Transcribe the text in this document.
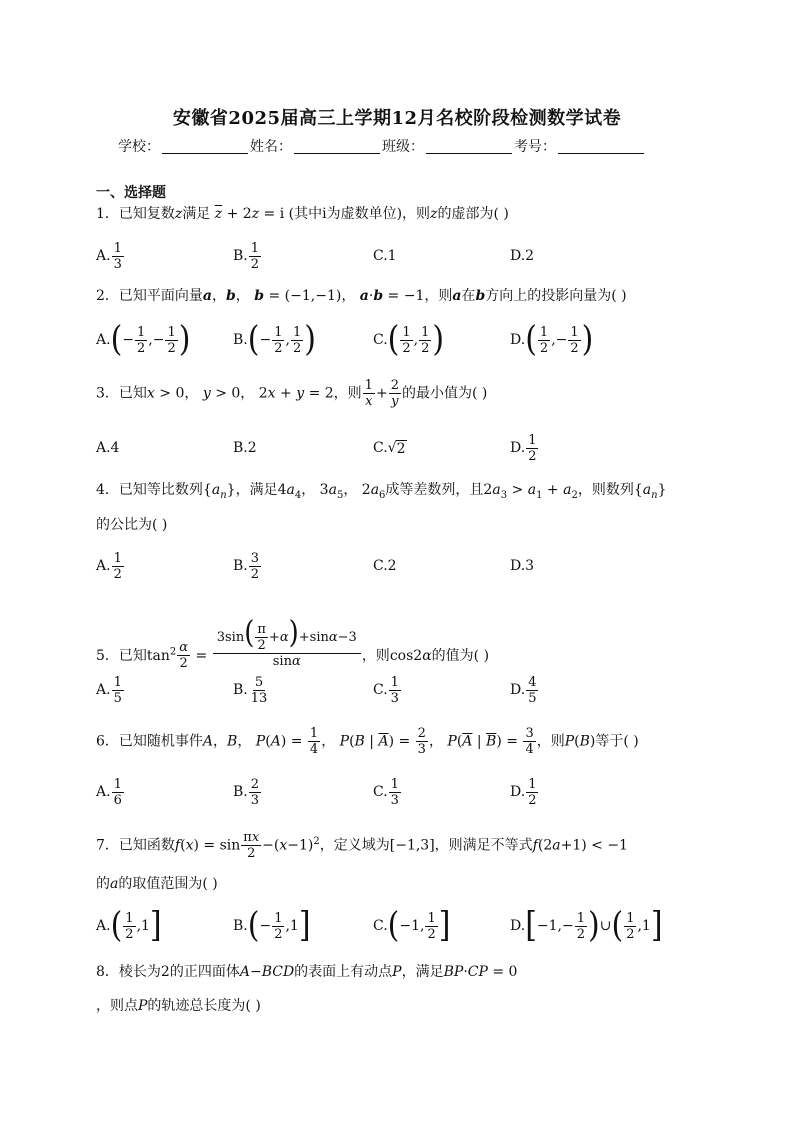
安徽省2025届高三上学期12月名校阶段检测数学试卷
学校：	姓名：	班级：	考号：
一、选择题
1．已知复数z满足 $\overline{z} + 2z = i$ (其中i为虚数单位)，则z的虚部为( )
A. $\frac{1}{3}$	B. $\frac{1}{2}$	C.1	D.2
2．已知平面向量a，b， b = (−1,−1)， a·b = −1，则a在b方向上的投影向量为( )
A. ( − $\frac{1}{2}$ ,− $\frac{1}{2}$ )	B. ( − $\frac{1}{2}$ , $\frac{1}{2}$ )	C. ( $\frac{1}{2}$ , $\frac{1}{2}$ )	D. ( $\frac{1}{2}$ ,− $\frac{1}{2}$ )
3．已知x > 0， y > 0， 2x + y = 2，则 $\frac{1}{x} + \frac{2}{y}$ 的最小值为( )
A.4	B.2	C. √ 2	D. $\frac{1}{2}$
4．已知等比数列$\{a_n\}$，满足$4a_4$， $3a_5$， $2a_6$成等差数列，且$2a_3 > a_1 + a_2$，则数列$\{a_n\}$
的公比为( )
A. $\frac{1}{2}$	B. $\frac{3}{2}$	C.2	D.3
5．已知$\tan^2 \frac{\alpha}{2} = \frac{3\sin( \frac{\pi}{2} +\alpha)+\sin\alpha-3}{\sin\alpha}$ ，则cos2α的值为( )
A. $\frac{1}{5}$	B. $\frac{5}{13}$	C. $\frac{1}{3}$	D. $\frac{4}{5}$
6．已知随机事件A，B， $P(A) = \frac{1}{4}$ ， P(B | $\overline{A}) = \frac{2}{3}$ ， $P(\overline{A}$ | $\overline{B}) = \frac{3}{4}$ ，则P(B)等于( )
A. $\frac{1}{6}$	B. $\frac{2}{3}$	C. $\frac{1}{3}$	D. $\frac{1}{2}$
7．已知函数$f(x) = \sin \frac{\pi x}{2} -(x-1)^2$，定义域为[−1,3]，则满足不等式f(2a+1) < −1
的a的取值范围为( )
A. ( $\frac{1}{2} ,1$ ]	B. ( − $\frac{1}{2} ,1$ ]	C. ( −1, $\frac{1}{2}$ ]	D. [ $-1,- \frac{1}{2}$ ) ∪ ( $\frac{1}{2} ,1$ ]
8．棱长为2的正四面体A−BCD的表面上有动点P，满足BP·CP = 0
，则点P的轨迹总长度为( )
